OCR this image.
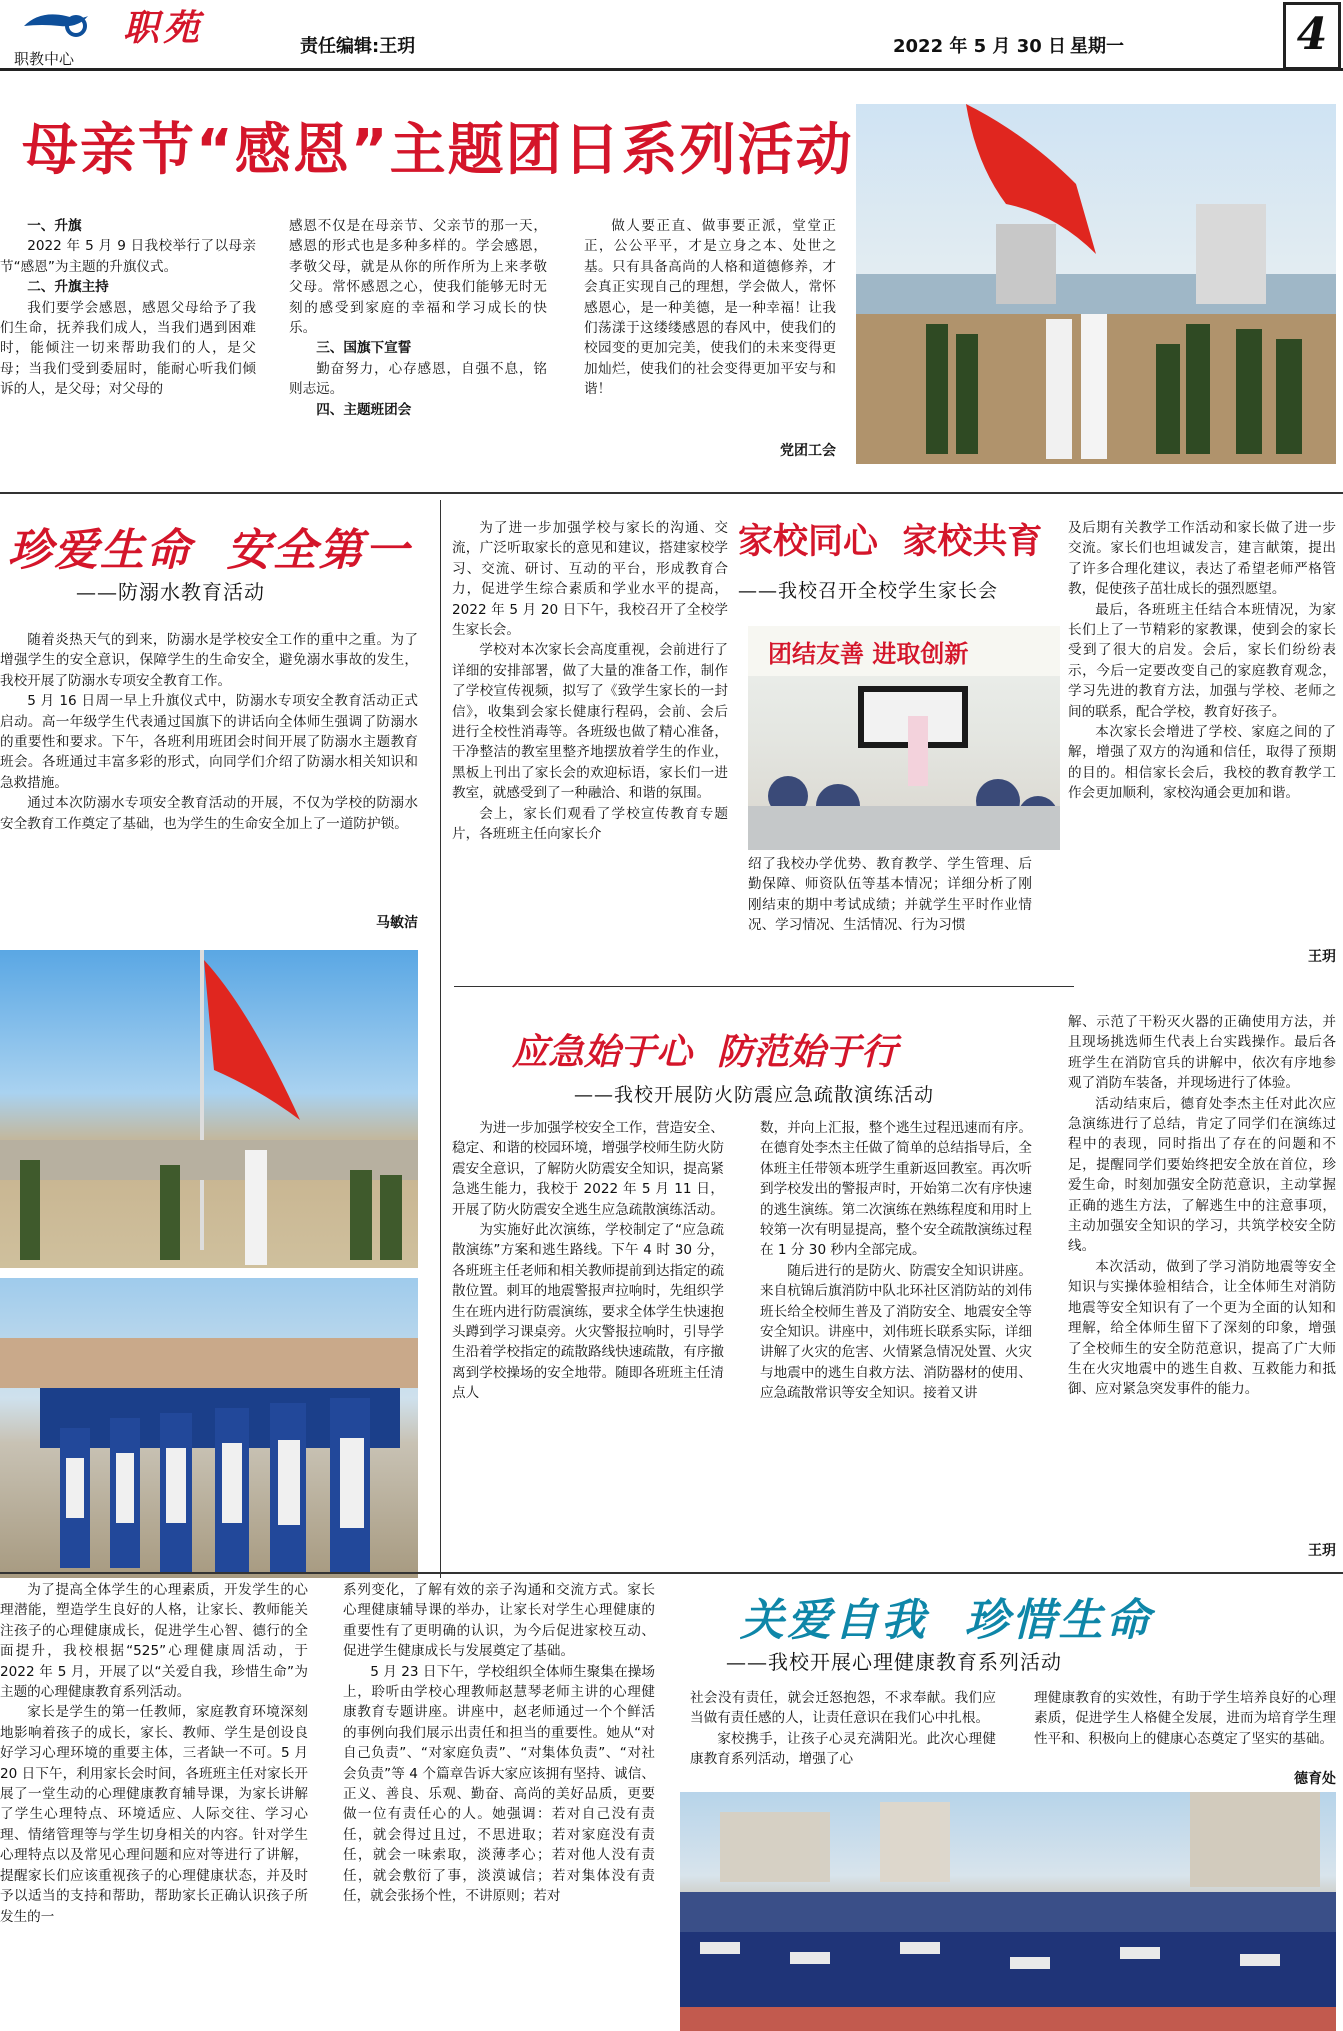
职教中心
职苑	责任编辑:王玥	2022 年 5 月 30 日 星期一	4
母亲节“感恩”主题团日系列活动

一、升旗

2022 年 5 月 9 日我校举行了以母亲节“感恩”为主题的升旗仪式。

二、升旗主持

我们要学会感恩，感恩父母给予了我们生命，抚养我们成人，当我们遇到困难时，能倾注一切来帮助我们的人，是父母；当我们受到委屈时，能耐心听我们倾诉的人，是父母；对父母的

感恩不仅是在母亲节、父亲节的那一天，感恩的形式也是多种多样的。学会感恩，孝敬父母，就是从你的所作所为上来孝敬父母。常怀感恩之心，使我们能够无时无刻的感受到家庭的幸福和学习成长的快乐。

三、国旗下宣誓

勤奋努力，心存感恩，自强不息，铭则志远。

四、主题班团会

做人要正直、做事要正派，堂堂正正，公公平平，才是立身之本、处世之基。只有具备高尚的人格和道德修养，才会真正实现自己的理想，学会做人，常怀感恩心，是一种美德，是一种幸福！让我们荡漾于这缕缕感恩的春风中，使我们的校园变的更加完美，使我们的未来变得更加灿烂，使我们的社会变得更加平安与和谐！

党团工会
珍爱生命  安全第一
——防溺水教育活动

随着炎热天气的到来，防溺水是学校安全工作的重中之重。为了增强学生的安全意识，保障学生的生命安全，避免溺水事故的发生，我校开展了防溺水专项安全教育工作。

5 月 16 日周一早上升旗仪式中，防溺水专项安全教育活动正式启动。高一年级学生代表通过国旗下的讲话向全体师生强调了防溺水的重要性和要求。下午，各班利用班团会时间开展了防溺水主题教育班会。各班通过丰富多彩的形式，向同学们介绍了防溺水相关知识和急救措施。

通过本次防溺水专项安全教育活动的开展，不仅为学校的防溺水安全教育工作奠定了基础，也为学生的生命安全加上了一道防护锁。

马敏洁

为了进一步加强学校与家长的沟通、交流，广泛听取家长的意见和建议，搭建家校学习、交流、研讨、互动的平台，形成教育合力，促进学生综合素质和学业水平的提高，2022 年 5 月 20 日下午，我校召开了全校学生家长会。

学校对本次家长会高度重视，会前进行了详细的安排部署，做了大量的准备工作，制作了学校宣传视频，拟写了《致学生家长的一封信》，收集到会家长健康行程码，会前、会后进行全校性消毒等。各班级也做了精心准备，干净整洁的教室里整齐地摆放着学生的作业，黑板上刊出了家长会的欢迎标语，家长们一进教室，就感受到了一种融洽、和谐的氛围。

会上，家长们观看了学校宣传教育专题片，各班班主任向家长介

家校同心  家校共育
——我校召开全校学生家长会
团结友善 进取创新

绍了我校办学优势、教育教学、学生管理、后勤保障、师资队伍等基本情况；详细分析了刚刚结束的期中考试成绩；并就学生平时作业情况、学习情况、生活情况、行为习惯

及后期有关教学工作活动和家长做了进一步交流。家长们也坦诚发言，建言献策，提出了许多合理化建议，表达了希望老师严格管教，促使孩子茁壮成长的强烈愿望。

最后，各班班主任结合本班情况，为家长们上了一节精彩的家教课，使到会的家长受到了很大的启发。会后，家长们纷纷表示，今后一定要改变自己的家庭教育观念，学习先进的教育方法，加强与学校、老师之间的联系，配合学校，教育好孩子。

本次家长会增进了学校、家庭之间的了解，增强了双方的沟通和信任，取得了预期的目的。相信家长会后，我校的教育教学工作会更加顺利，家校沟通会更加和谐。

王玥
应急始于心  防范始于行
——我校开展防火防震应急疏散演练活动

为进一步加强学校安全工作，营造安全、稳定、和谐的校园环境，增强学校师生防火防震安全意识，了解防火防震安全知识，提高紧急逃生能力，我校于 2022 年 5 月 11 日，开展了防火防震安全逃生应急疏散演练活动。

为实施好此次演练，学校制定了“应急疏散演练”方案和逃生路线。下午 4 时 30 分，各班班主任老师和相关教师提前到达指定的疏散位置。刺耳的地震警报声拉响时，先组织学生在班内进行防震演练，要求全体学生快速抱头蹲到学习课桌旁。火灾警报拉响时，引导学生沿着学校指定的疏散路线快速疏散，有序撤离到学校操场的安全地带。随即各班班主任清点人

数，并向上汇报，整个逃生过程迅速而有序。在德育处李杰主任做了简单的总结指导后，全体班主任带领本班学生重新返回教室。再次听到学校发出的警报声时，开始第二次有序快速的逃生演练。第二次演练在熟练程度和用时上较第一次有明显提高，整个安全疏散演练过程在 1 分 30 秒内全部完成。

随后进行的是防火、防震安全知识讲座。来自杭锦后旗消防中队北环社区消防站的刘伟班长给全校师生普及了消防安全、地震安全等安全知识。讲座中，刘伟班长联系实际，详细讲解了火灾的危害、火情紧急情况处置、火灾与地震中的逃生自救方法、消防器材的使用、应急疏散常识等安全知识。接着又讲

解、示范了干粉灭火器的正确使用方法，并且现场挑选师生代表上台实践操作。最后各班学生在消防官兵的讲解中，依次有序地参观了消防车装备，并现场进行了体验。

活动结束后，德育处李杰主任对此次应急演练进行了总结，肯定了同学们在演练过程中的表现，同时指出了存在的问题和不足，提醒同学们要始终把安全放在首位，珍爱生命，时刻加强安全防范意识，主动掌握正确的逃生方法，了解逃生中的注意事项，主动加强安全知识的学习，共筑学校安全防线。

本次活动，做到了学习消防地震等安全知识与实操体验相结合，让全体师生对消防地震等安全知识有了一个更为全面的认知和理解，给全体师生留下了深刻的印象，增强了全校师生的安全防范意识，提高了广大师生在火灾地震中的逃生自救、互救能力和抵御、应对紧急突发事件的能力。

王玥

为了提高全体学生的心理素质，开发学生的心理潜能，塑造学生良好的人格，让家长、教师能关注孩子的心理健康成长，促进学生心智、德行的全面提升，我校根据“525”心理健康周活动，于 2022 年 5 月，开展了以“关爱自我，珍惜生命”为主题的心理健康教育系列活动。

家长是学生的第一任教师，家庭教育环境深刻地影响着孩子的成长，家长、教师、学生是创设良好学习心理环境的重要主体，三者缺一不可。5 月 20 日下午，利用家长会时间，各班班主任对家长开展了一堂生动的心理健康教育辅导课，为家长讲解了学生心理特点、环境适应、人际交往、学习心理、情绪管理等与学生切身相关的内容。针对学生心理特点以及常见心理问题和应对等进行了讲解，提醒家长们应该重视孩子的心理健康状态，并及时予以适当的支持和帮助，帮助家长正确认识孩子所发生的一

系列变化，了解有效的亲子沟通和交流方式。家长心理健康辅导课的举办，让家长对学生心理健康的重要性有了更明确的认识，为今后促进家校互动、促进学生健康成长与发展奠定了基础。

5 月 23 日下午，学校组织全体师生聚集在操场上，聆听由学校心理教师赵慧琴老师主讲的心理健康教育专题讲座。讲座中，赵老师通过一个个鲜活的事例向我们展示出责任和担当的重要性。她从“对自己负责”、“对家庭负责”、“对集体负责”、“对社会负责”等 4 个篇章告诉大家应该拥有坚持、诚信、正义、善良、乐观、勤奋、高尚的美好品质，更要做一位有责任心的人。她强调：若对自己没有责任，就会得过且过，不思进取；若对家庭没有责任，就会一味索取，淡薄孝心；若对他人没有责任，就会敷衍了事，淡漠诚信；若对集体没有责任，就会张扬个性，不讲原则；若对

关爱自我  珍惜生命
——我校开展心理健康教育系列活动

社会没有责任，就会迁怒抱怨，不求奉献。我们应当做有责任感的人，让责任意识在我们心中扎根。

家校携手，让孩子心灵充满阳光。此次心理健康教育系列活动，增强了心

理健康教育的实效性，有助于学生培养良好的心理素质，促进学生人格健全发展，进而为培育学生理性平和、积极向上的健康心态奠定了坚实的基础。

德育处
